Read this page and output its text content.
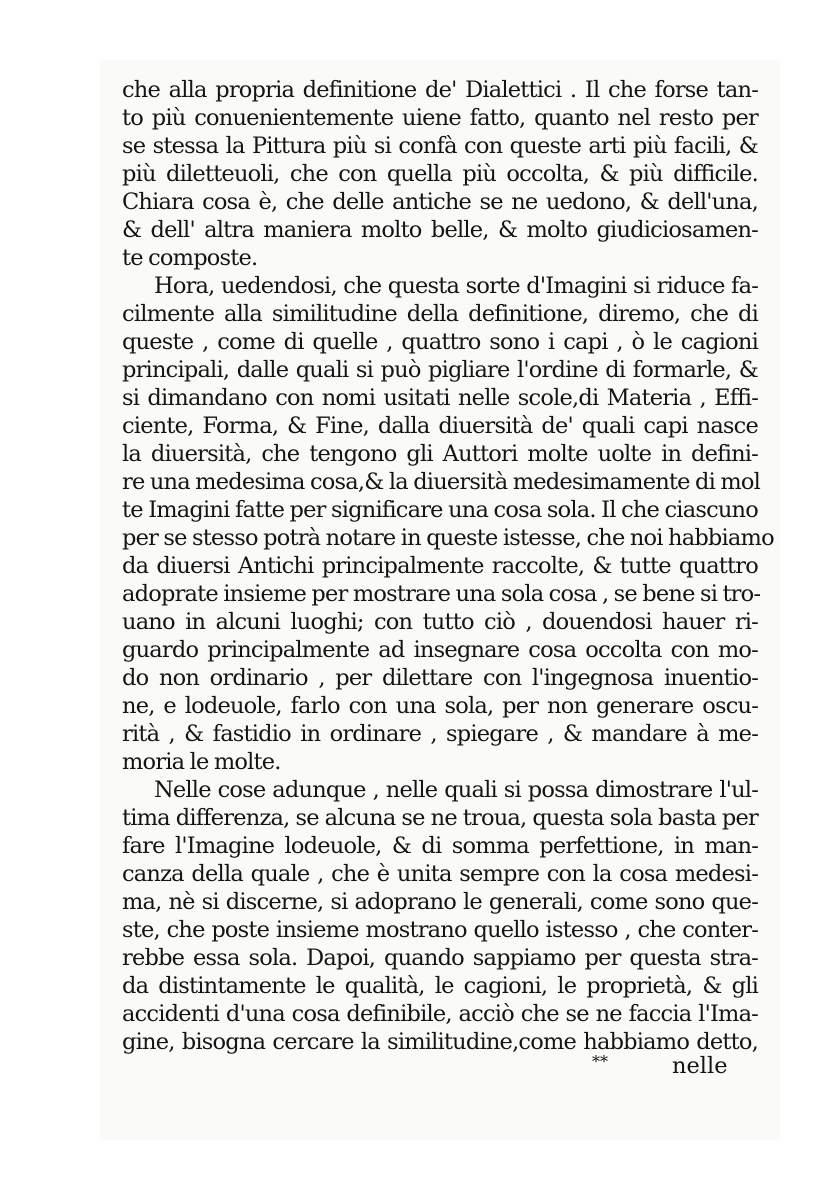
che alla propria definitione de' Dialettici . Il che forse tan-
to più conuenientemente uiene fatto, quanto nel resto per
se stessa la Pittura più si confà con queste arti più facili, &
più diletteuoli, che con quella più occolta, & più difficile.
Chiara cosa è, che delle antiche se ne uedono, & dell'una,
& dell' altra maniera molto belle, & molto giudiciosamen-
te composte.
Hora, uedendosi, che questa sorte d'Imagini si riduce fa-
cilmente alla similitudine della definitione, diremo, che di
queste , come di quelle , quattro sono i capi , ò le cagioni
principali, dalle quali si può pigliare l'ordine di formarle, &
si dimandano con nomi usitati nelle scole,di Materia , Effi-
ciente, Forma, & Fine, dalla diuersità de' quali capi nasce
la diuersità, che tengono gli Auttori molte uolte in defini-
re una medesima cosa,& la diuersità medesimamente di mol
te Imagini fatte per significare una cosa sola. Il che ciascuno
per se stesso potrà notare in queste istesse, che noi habbiamo
da diuersi Antichi principalmente raccolte, & tutte quattro
adoprate insieme per mostrare una sola cosa , se bene si tro-
uano in alcuni luoghi; con tutto ciò , douendosi hauer ri-
guardo principalmente ad insegnare cosa occolta con mo-
do non ordinario , per dilettare con l'ingegnosa inuentio-
ne, e lodeuole, farlo con una sola, per non generare oscu-
rità , & fastidio in ordinare , spiegare , & mandare à me-
moria le molte.
Nelle cose adunque , nelle quali si possa dimostrare l'ul-
tima differenza, se alcuna se ne troua, questa sola basta per
fare l'Imagine lodeuole, & di somma perfettione, in man-
canza della quale , che è unita sempre con la cosa medesi-
ma, nè si discerne, si adoprano le generali, come sono que-
ste, che poste insieme mostrano quello istesso , che conter-
rebbe essa sola. Dapoi, quando sappiamo per questa stra-
da distintamente le qualità, le cagioni, le proprietà, & gli
accidenti d'una cosa definibile, acciò che se ne faccia l'Ima-
gine, bisogna cercare la similitudine,come habbiamo detto,
**	nelle
